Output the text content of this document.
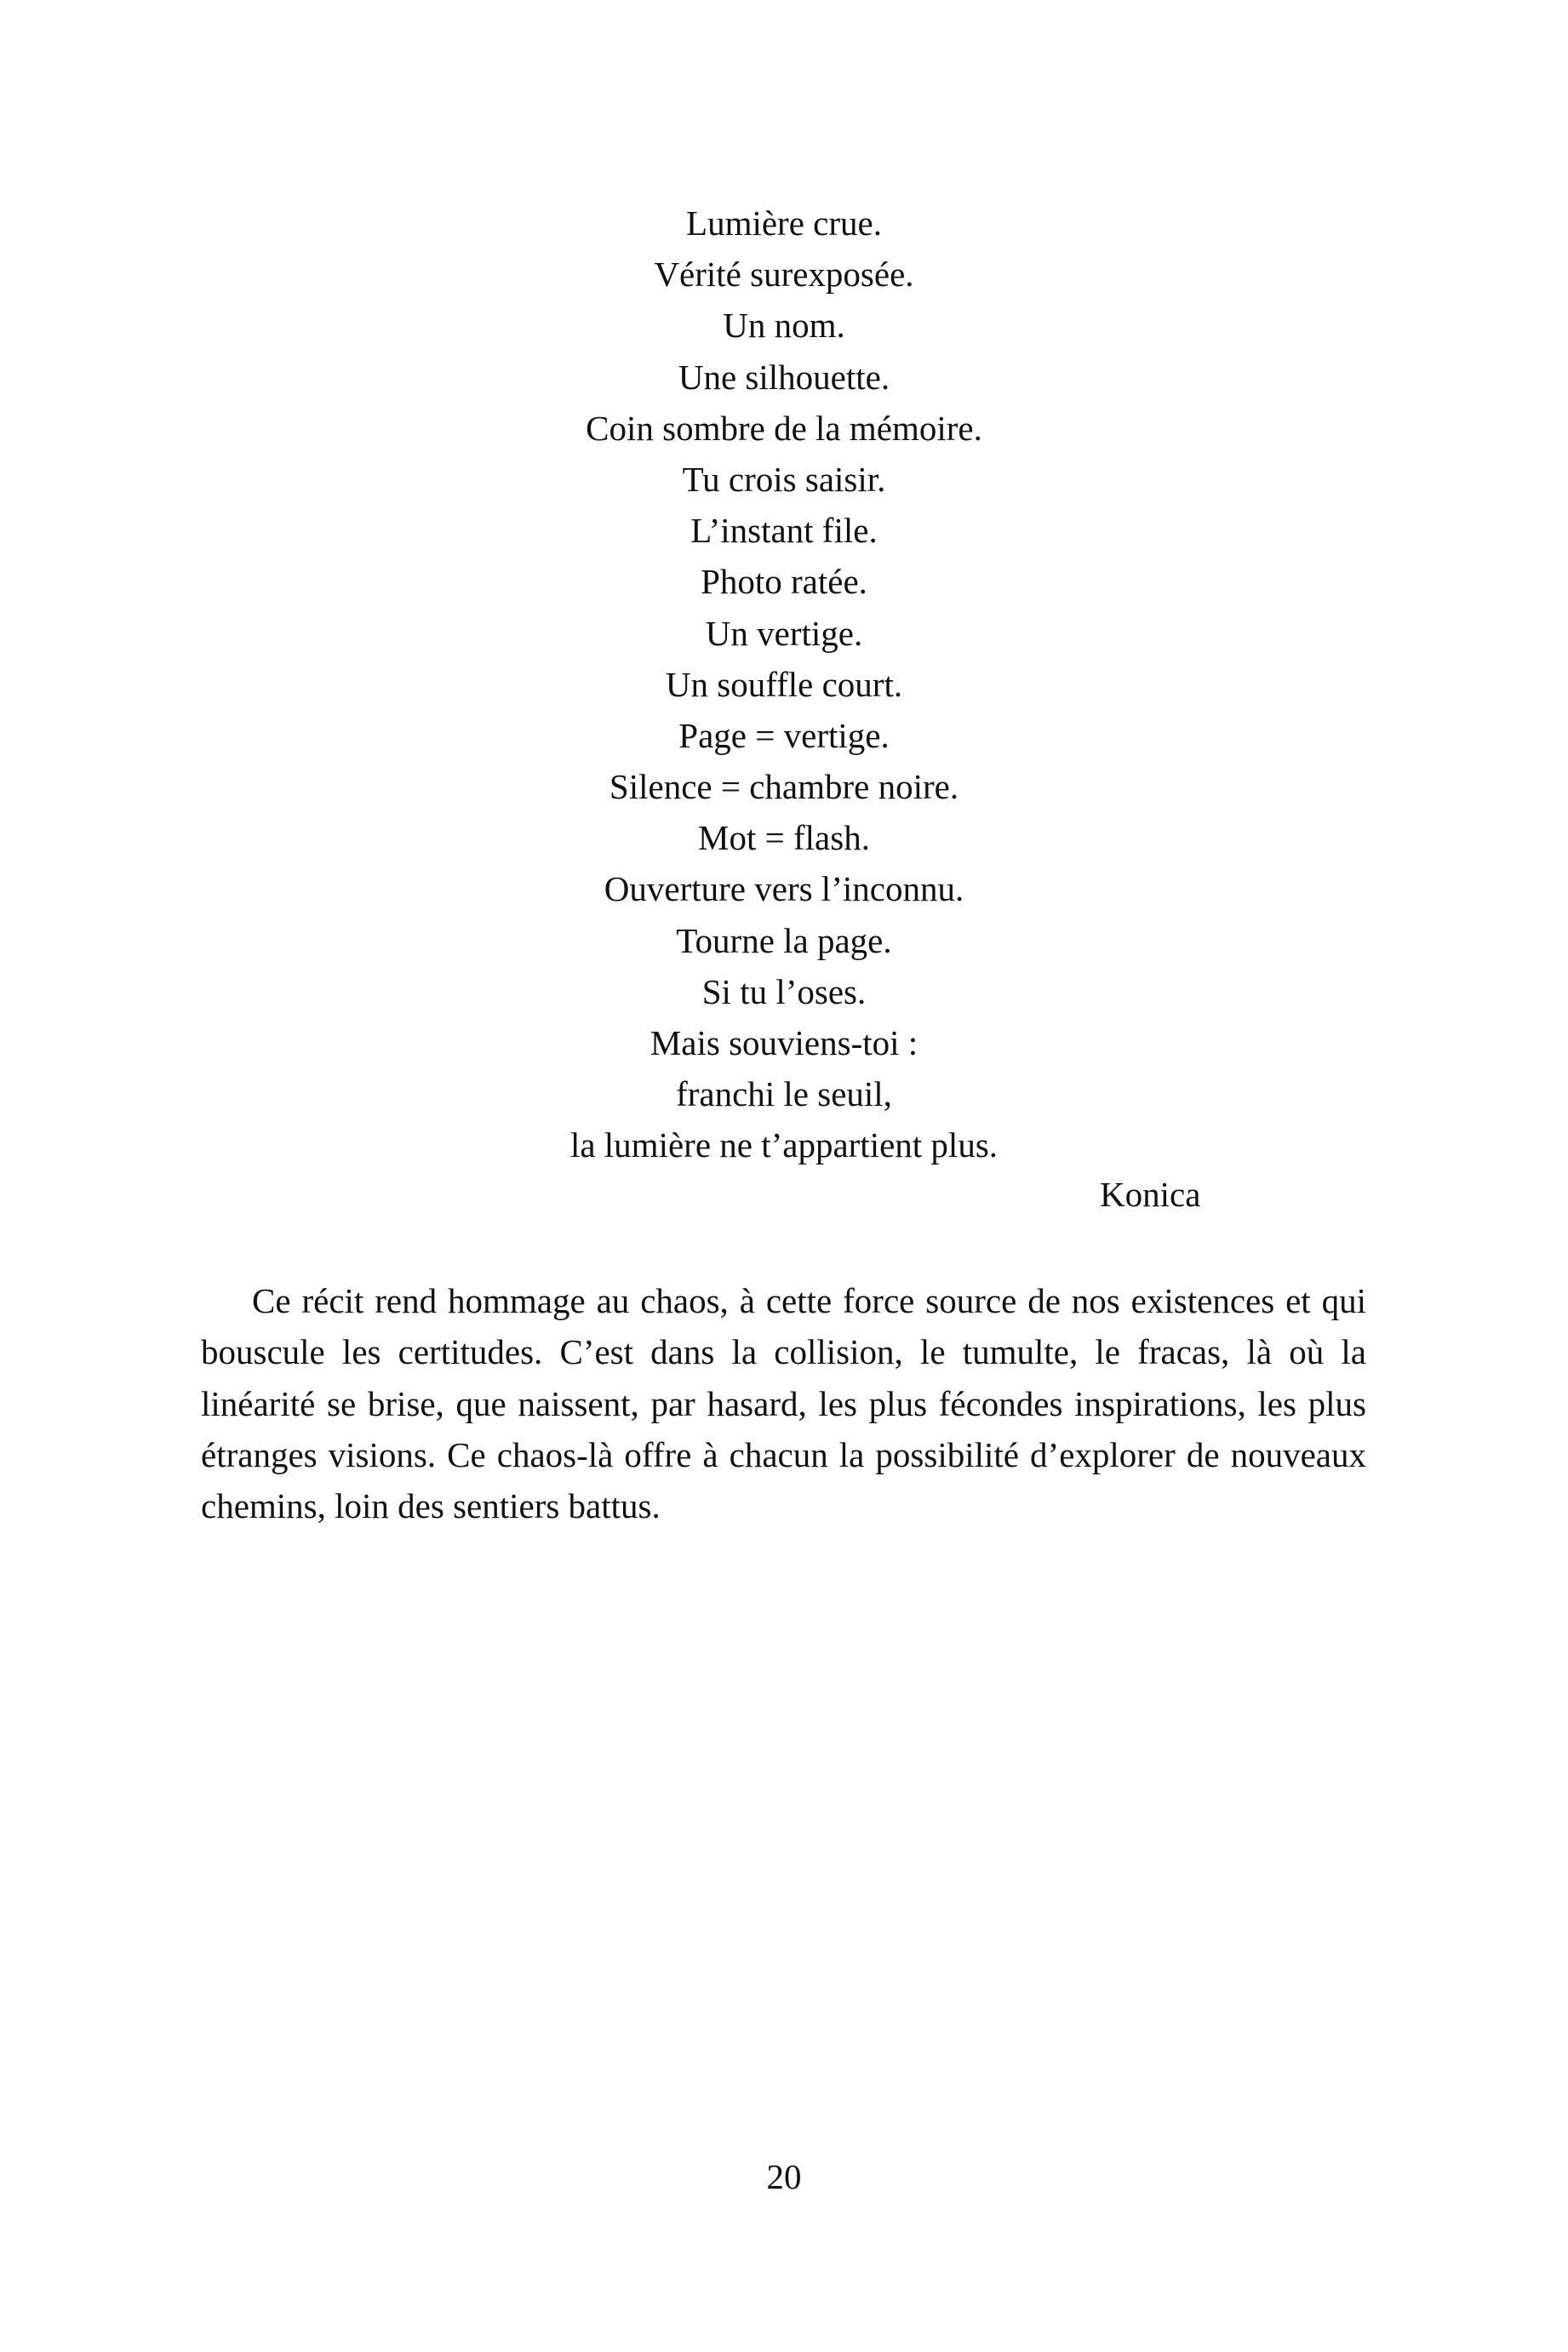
Lumière crue.
Vérité surexposée.
Un nom.
Une silhouette.
Coin sombre de la mémoire.
Tu crois saisir.
L’instant file.
Photo ratée.
Un vertige.
Un souffle court.
Page = vertige.
Silence = chambre noire.
Mot = flash.
Ouverture vers l’inconnu.
Tourne la page.
Si tu l’oses.
Mais souviens-toi :
franchi le seuil,
la lumière ne t’appartient plus.
Konica

Ce récit rend hommage au chaos, à cette force source de nos existences et qui bouscule les certitudes. C’est dans la collision, le tumulte, le fracas, là où la linéarité se brise, que naissent, par hasard, les plus fécondes inspirations, les plus étranges visions. Ce chaos-là offre à chacun la possibilité d’explorer de nouveaux chemins, loin des sentiers battus.

20
